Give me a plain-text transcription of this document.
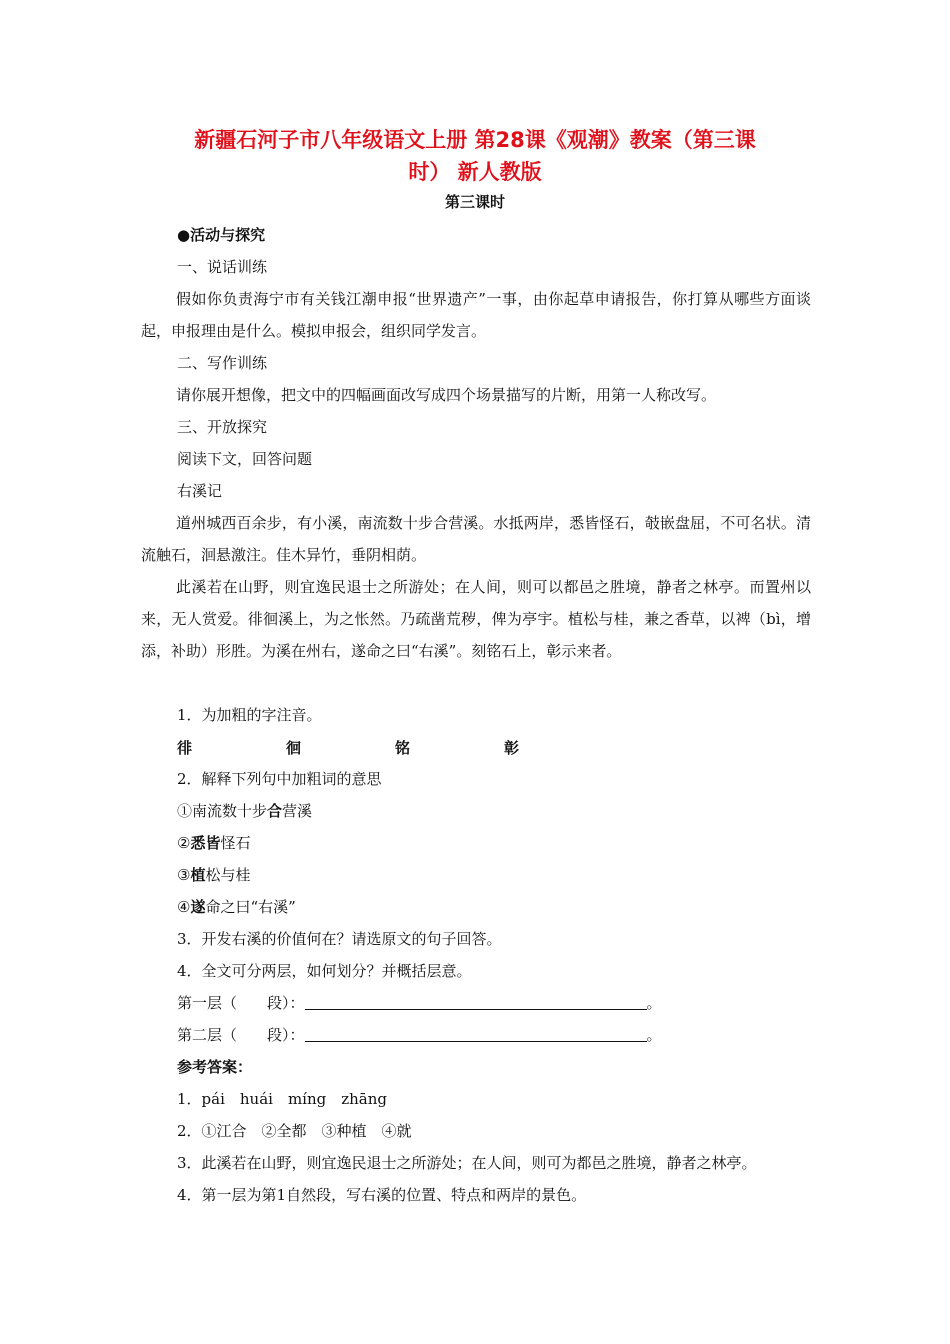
新疆石河子市八年级语文上册 第28课《观潮》教案（第三课
时） 新人教版
第三课时
●活动与探究
一、说话训练
假如你负责海宁市有关钱江潮申报“世界遗产”一事，由你起草申请报告，你打算从哪些方面谈起，申报理由是什么。模拟申报会，组织同学发言。
二、写作训练
请你展开想像，把文中的四幅画面改写成四个场景描写的片断，用第一人称改写。
三、开放探究
阅读下文，回答问题
右溪记
道州城西百余步，有小溪，南流数十步合营溪。水抵两岸，悉皆怪石，攲嵌盘屈，不可名状。清流触石，洄悬激注。佳木异竹，垂阴相荫。
此溪若在山野，则宜逸民退士之所游处；在人间，则可以都邑之胜境，静者之林亭。而置州以来，无人赏爱。徘徊溪上，为之怅然。乃疏凿荒秽，俾为亭宇。植松与桂，兼之香草，以裨（bì，增添，补助）形胜。为溪在州右，遂命之曰“右溪”。刻铭石上，彰示来者。
1．为加粗的字注音。
徘	徊	铭	彰
2．解释下列句中加粗词的意思
①南流数十步合营溪
②悉皆怪石
③植松与桂
④遂命之曰“右溪”
3．开发右溪的价值何在？请选原文的句子回答。
4．全文可分两层，如何划分？并概括层意。
第一层（　　段）：	。
第二层（　　段）：	。
参考答案：
1．pái　huái　míng　zhāng
2．①江合　②全都　③种植　④就
3．此溪若在山野，则宜逸民退士之所游处；在人间，则可为都邑之胜境，静者之林亭。
4．第一层为第1自然段，写右溪的位置、特点和两岸的景色。
